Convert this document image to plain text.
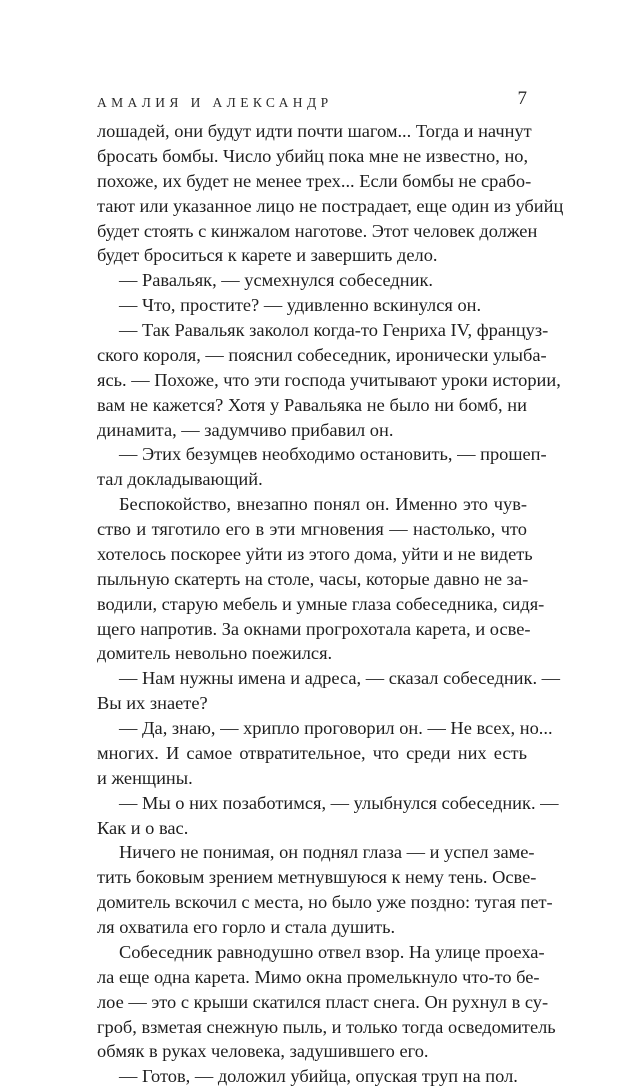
АМАЛИЯ И АЛЕКСАНДР	7
лошадей, они будут идти почти шагом... Тогда и начнут
бросать бомбы. Число убийц пока мне не известно, но,
похоже, их будет не менее трех... Если бомбы не срабо-
тают или указанное лицо не пострадает, еще один из убийц
будет стоять с кинжалом наготове. Этот человек должен
будет броситься к карете и завершить дело.
— Равальяк, — усмехнулся собеседник.
— Что, простите? — удивленно вскинулся он.
— Так Равальяк заколол когда-то Генриха IV, француз-
ского короля, — пояснил собеседник, иронически улыба-
ясь. — Похоже, что эти господа учитывают уроки истории,
вам не кажется? Хотя у Равальяка не было ни бомб, ни
динамита, — задумчиво прибавил он.
— Этих безумцев необходимо остановить, — прошеп-
тал докладывающий.
Беспокойство, внезапно понял он. Именно это чув-
ство и тяготило его в эти мгновения — настолько, что
хотелось поскорее уйти из этого дома, уйти и не видеть
пыльную скатерть на столе, часы, которые давно не за-
водили, старую мебель и умные глаза собеседника, сидя-
щего напротив. За окнами прогрохотала карета, и осве-
домитель невольно поежился.
— Нам нужны имена и адреса, — сказал собеседник. —
Вы их знаете?
— Да, знаю, — хрипло проговорил он. — Не всех, но...
многих. И самое отвратительное, что среди них есть
и женщины.
— Мы о них позаботимся, — улыбнулся собеседник. —
Как и о вас.
Ничего не понимая, он поднял глаза — и успел заме-
тить боковым зрением метнувшуюся к нему тень. Осве-
домитель вскочил с места, но было уже поздно: тугая пет-
ля охватила его горло и стала душить.
Собеседник равнодушно отвел взор. На улице проеха-
ла еще одна карета. Мимо окна промелькнуло что-то бе-
лое — это с крыши скатился пласт снега. Он рухнул в су-
гроб, взметая снежную пыль, и только тогда осведомитель
обмяк в руках человека, задушившего его.
— Готов, — доложил убийца, опуская труп на пол.
